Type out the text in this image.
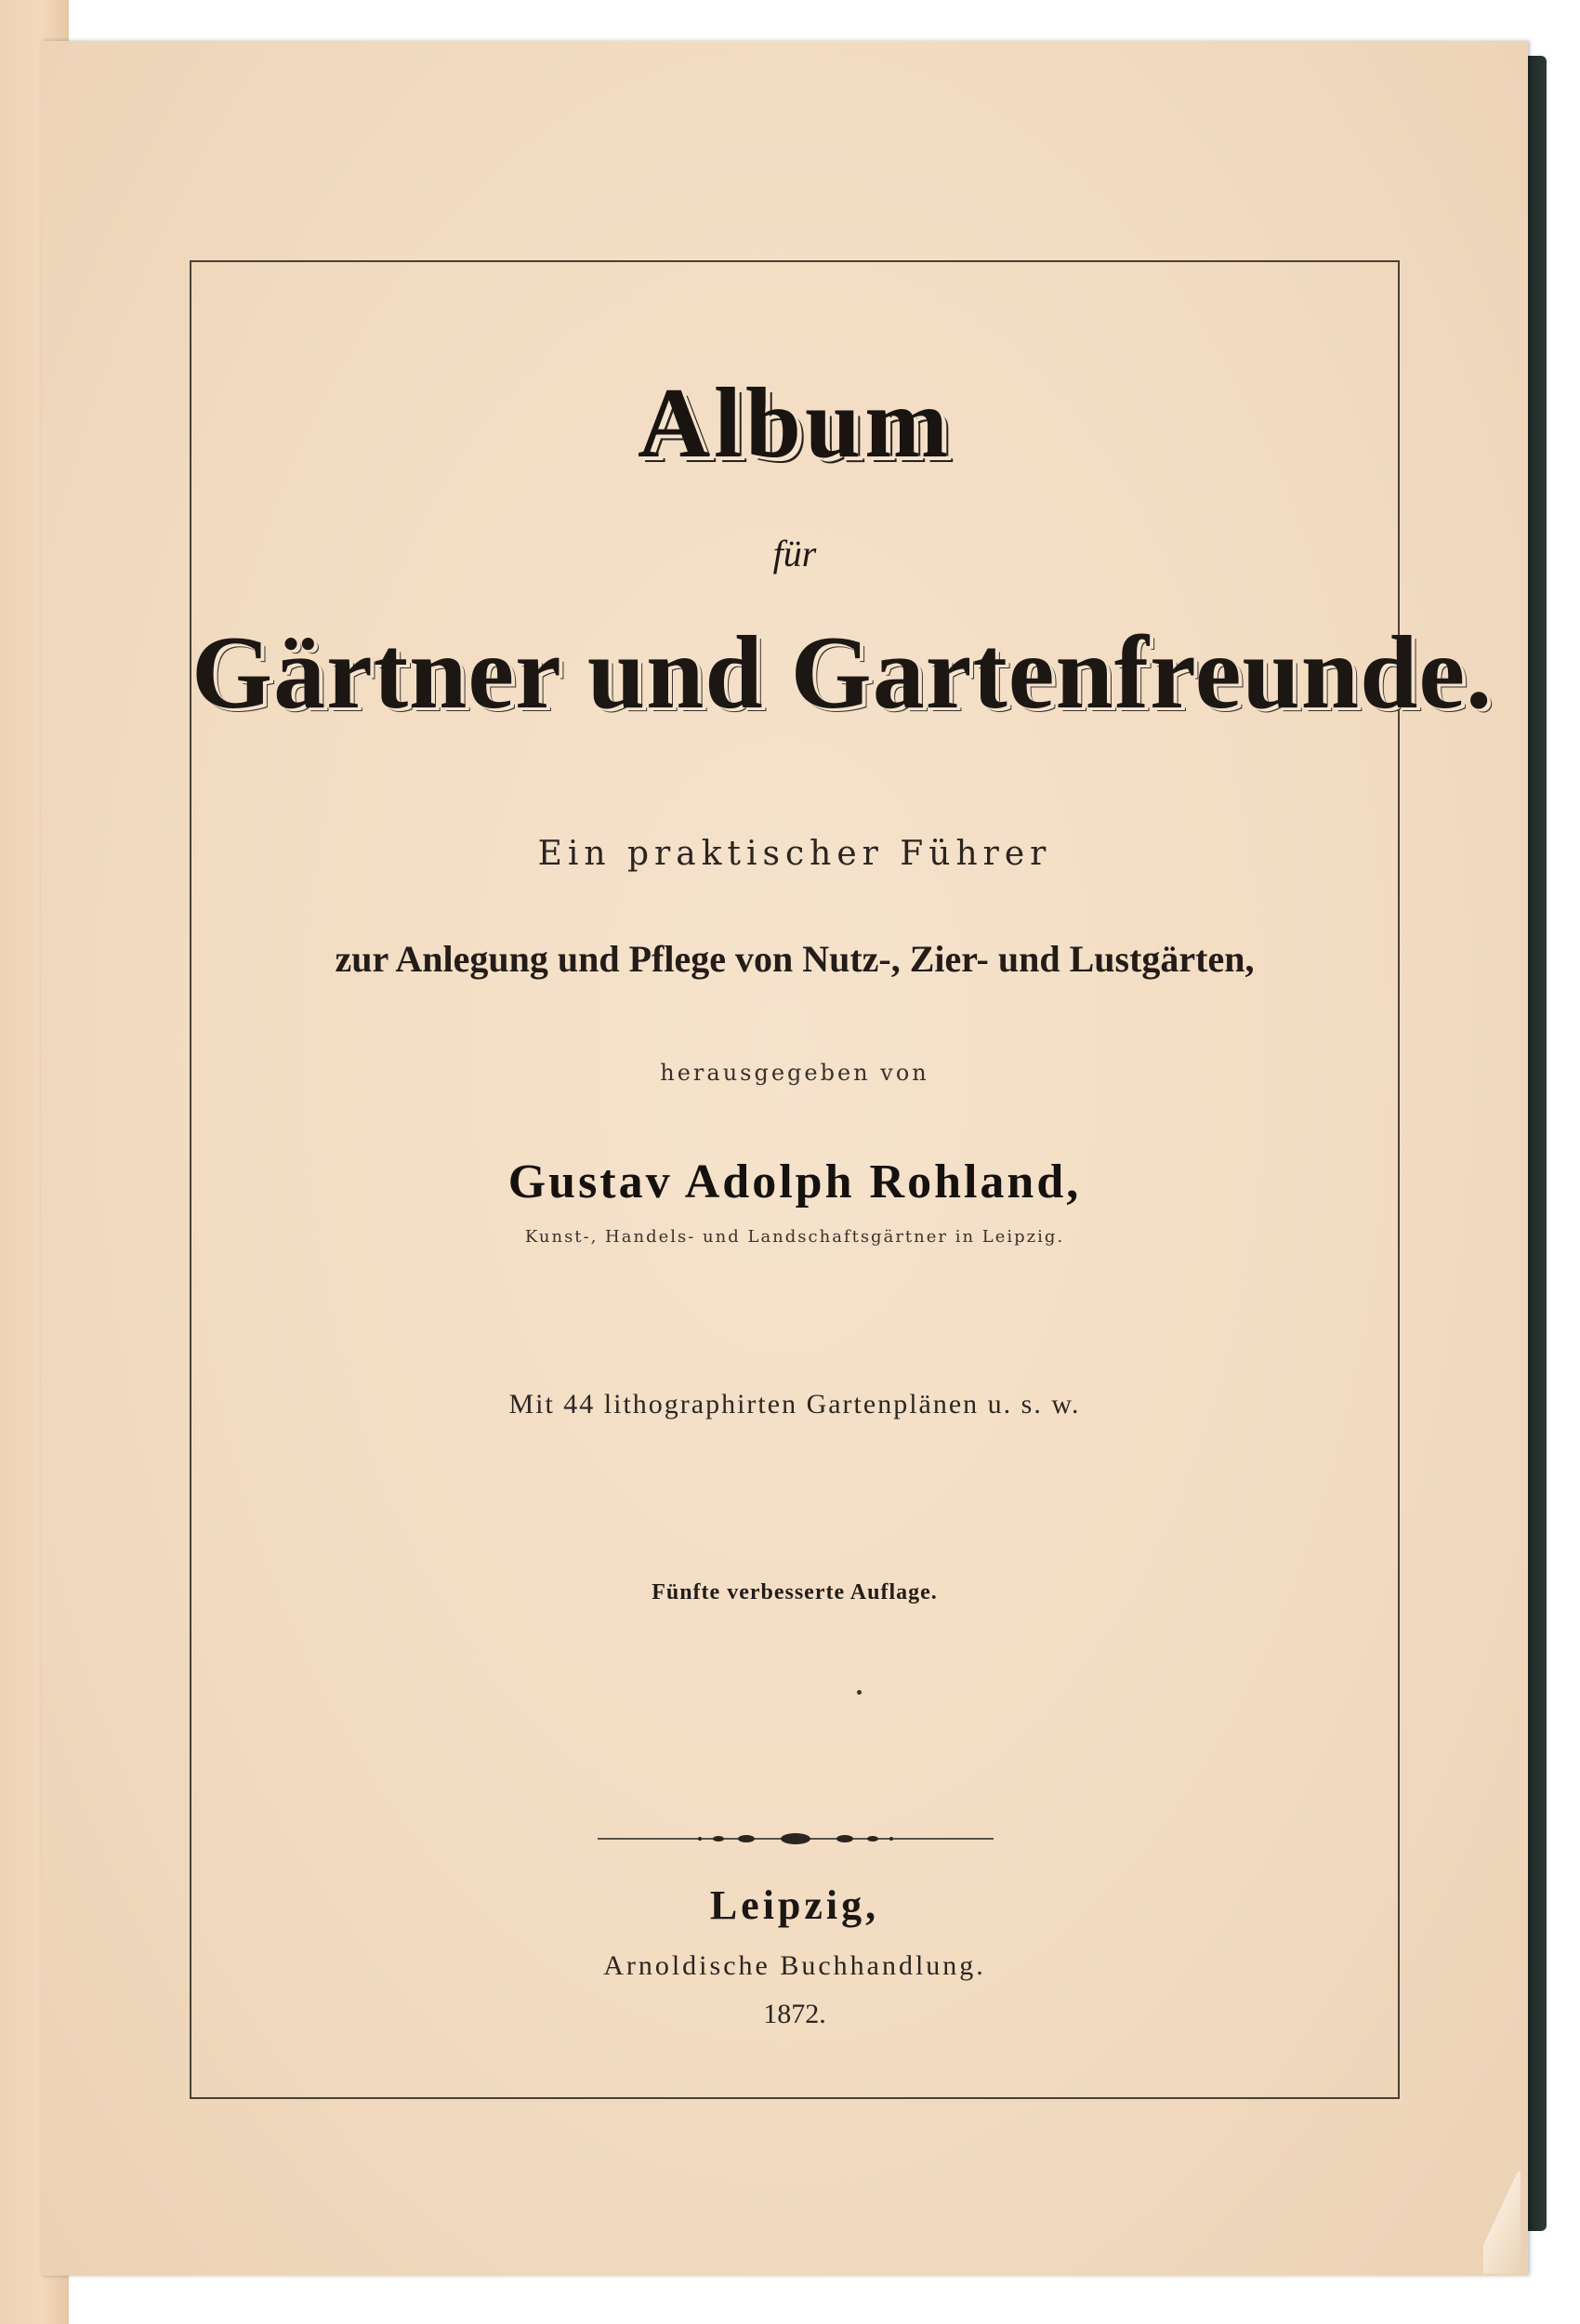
Album
für
Gärtner und Gartenfreunde.
Ein praktischer Führer
zur Anlegung und Pflege von Nutz-, Zier- und Lustgärten,
herausgegeben von
Gustav Adolph Rohland,
Kunst-, Handels- und Landschaftsgärtner in Leipzig.
Mit 44 lithographirten Gartenplänen u. s. w.
Fünfte verbesserte Auflage.
Leipzig,
Arnoldische Buchhandlung.
1872.
